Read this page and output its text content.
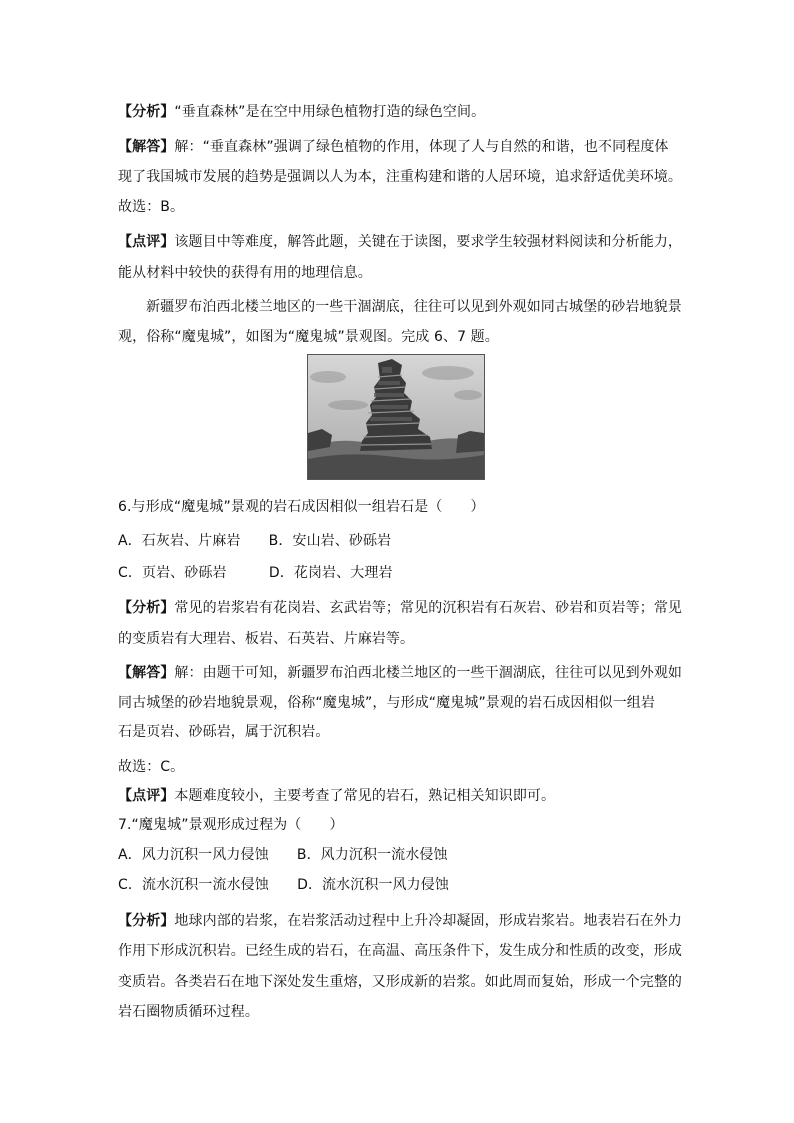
【分析】“垂直森林”是在空中用绿色植物打造的绿色空间。
【解答】解：“垂直森林”强调了绿色植物的作用，体现了人与自然的和谐，也不同程度体
现了我国城市发展的趋势是强调以人为本，注重构建和谐的人居环境，追求舒适优美环境。
故选：B。
【点评】该题目中等难度，解答此题，关键在于读图，要求学生较强材料阅读和分析能力，
能从材料中较快的获得有用的地理信息。
新疆罗布泊西北楼兰地区的一些干涸湖底，往往可以见到外观如同古城堡的砂岩地貌景
观，俗称“魔鬼城”，如图为“魔鬼城”景观图。完成 6、7 题。
6.与形成“魔鬼城”景观的岩石成因相似一组岩石是（　　）
A．石灰岩、片麻岩　　B．安山岩、砂砾岩
C．页岩、砂砾岩　　　D．花岗岩、大理岩
【分析】常见的岩浆岩有花岗岩、玄武岩等；常见的沉积岩有石灰岩、砂岩和页岩等；常见
的变质岩有大理岩、板岩、石英岩、片麻岩等。
【解答】解：由题干可知，新疆罗布泊西北楼兰地区的一些干涸湖底，往往可以见到外观如
同古城堡的砂岩地貌景观，俗称“魔鬼城”，与形成“魔鬼城”景观的岩石成因相似一组岩
石是页岩、砂砾岩，属于沉积岩。
故选：C。
【点评】本题难度较小，主要考查了常见的岩石，熟记相关知识即可。
7.“魔鬼城”景观形成过程为（　　）
A．风力沉积一风力侵蚀　　B．风力沉积一流水侵蚀
C．流水沉积一流水侵蚀　　D．流水沉积一风力侵蚀
【分析】地球内部的岩浆，在岩浆活动过程中上升冷却凝固，形成岩浆岩。地表岩石在外力
作用下形成沉积岩。已经生成的岩石，在高温、高压条件下，发生成分和性质的改变，形成
变质岩。各类岩石在地下深处发生重熔，又形成新的岩浆。如此周而复始，形成一个完整的
岩石圈物质循环过程。
